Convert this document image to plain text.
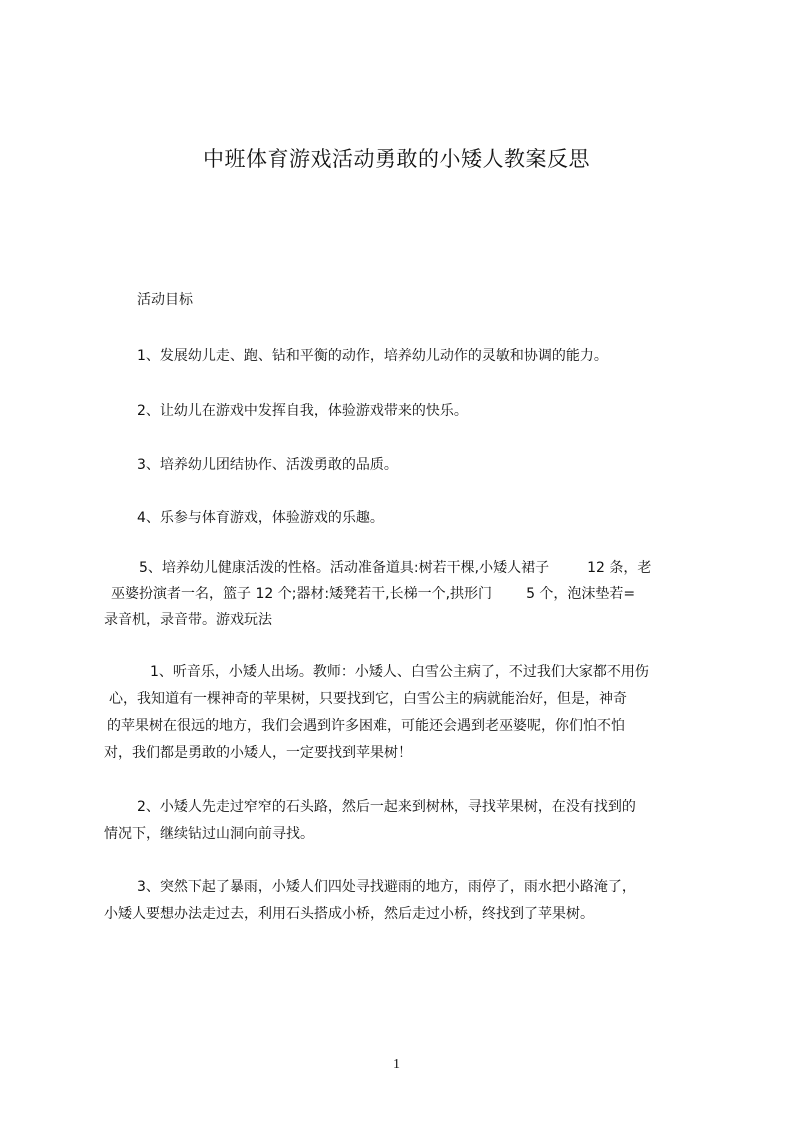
中班体育游戏活动勇敢的小矮人教案反思
活动目标
1、发展幼儿走、跑、钻和平衡的动作，培养幼儿动作的灵敏和协调的能力。
2、让幼儿在游戏中发挥自我，体验游戏带来的快乐。
3、培养幼儿团结协作、活泼勇敢的品质。
4、乐参与体育游戏，体验游戏的乐趣。
5、培养幼儿健康活泼的性格。活动准备道具:树若干棵,小矮人裙子	12 条，老
巫婆扮演者一名，篮子 12 个;器材:矮凳若干,长梯一个,拱形门 5 个，泡沫垫若=
录音机，录音带。游戏玩法
1、听音乐，小矮人出场。教师：小矮人、白雪公主病了，不过我们大家都不用伤
心，我知道有一棵神奇的苹果树，只要找到它，白雪公主的病就能治好，但是，神奇
的苹果树在很远的地方，我们会遇到许多困难，可能还会遇到老巫婆呢，你们怕不怕
对，我们都是勇敢的小矮人，一定要找到苹果树！
2、小矮人先走过窄窄的石头路，然后一起来到树林，寻找苹果树，在没有找到的
情况下，继续钻过山洞向前寻找。
3、突然下起了暴雨，小矮人们四处寻找避雨的地方，雨停了，雨水把小路淹了，
小矮人要想办法走过去，利用石头搭成小桥，然后走过小桥，终找到了苹果树。
1
